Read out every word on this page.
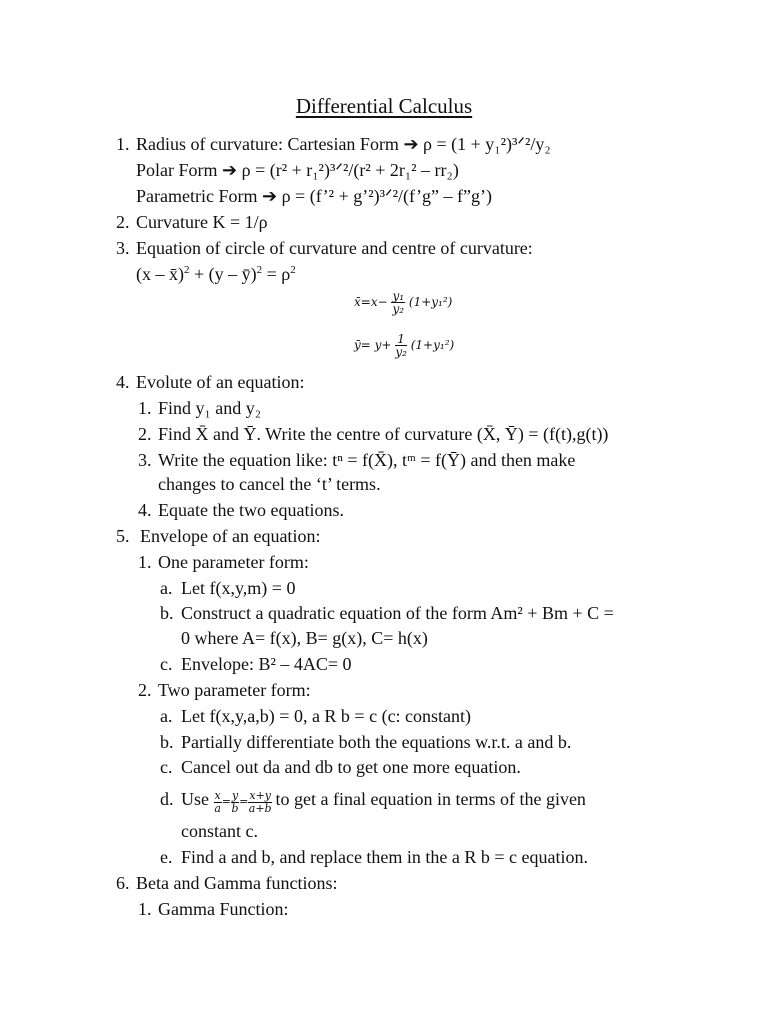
Differential Calculus
1. Radius of curvature: Cartesian Form ➔ ρ = (1 + y₁²)³ᐟ²/y₂
Polar Form ➔ ρ = (r² + r₁²)³ᐟ²/(r² + 2r₁² – rr₂)
Parametric Form ➔ ρ = (f’² + g’²)³ᐟ²/(f’g” – f”g’)
2. Curvature K = 1/ρ
3. Equation of circle of curvature and centre of curvature:
(x – x̄)$^2$ + (y – ȳ)$^2$ = $\rho^2$
x̄=x− $\frac{\text{y₁}}{\text{y₂}} (1+y_1^2)$
ȳ= $y+ \frac{1}{\text{y₂}} (1+y_1^2)$
4. Evolute of an equation:
1. Find y₁ and y₂
2. Find X̄ and Ȳ. Write the centre of curvature (X̄, Ȳ) = (f(t),g(t))
3. Write the equation like: tⁿ = f(X̄), tᵐ = f(Ȳ) and then make
changes to cancel the ‘t’ terms.
4. Equate the two equations.
5. Envelope of an equation:
1. One parameter form:
a. Let f(x,y,m) = 0
b. Construct a quadratic equation of the form Am² + Bm + C =
0 where A= f(x), B= g(x), C= h(x)
c. Envelope: B² – 4AC= 0
2. Two parameter form:
a. Let f(x,y,a,b) = 0, a R b = c (c: constant)
b. Partially differentiate both the equations w.r.t. a and b.
c. Cancel out da and db to get one more equation.
d. Use $\frac{x}{a} = \frac{y}{b} = \frac{x+y}{a+b}$ to get a final equation in terms of the given
constant c.
e. Find a and b, and replace them in the a R b = c equation.
6. Beta and Gamma functions:
1. Gamma Function:
